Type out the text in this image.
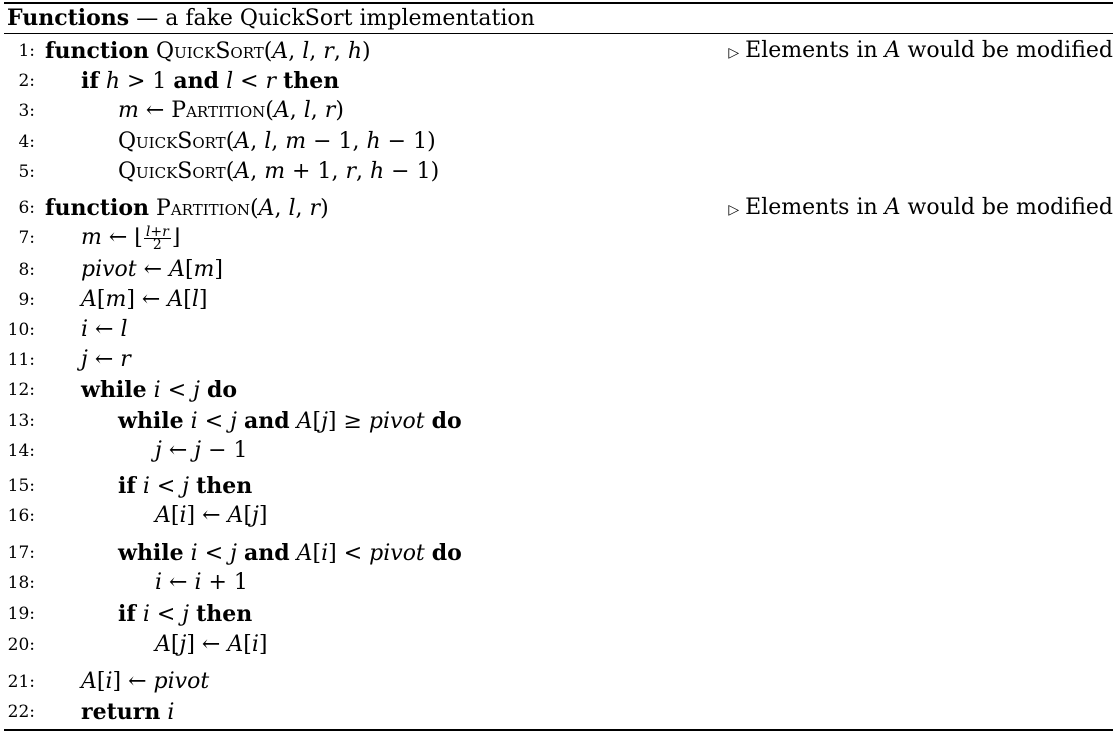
Functions — a fake QuickSort implementation
1: function QuickSort(A, l, r, h)	▷ Elements in A would be modified
2: if h > 1 and l < r then
3:	m ← Partition(A, l, r)
4:	QuickSort(A, l, m − 1, h − 1)
5:	QuickSort(A, m + 1, r, h − 1)
6: function Partition(A, l, r)	▷ Elements in A would be modified
7: m ← ⌊ $\frac{l+r}{2}$ ⌋
8: pivot ← A[m]
9: A[m] ← A[l]
10: i ← l
11: j ← r
12: while i < j do
13:	while i < j and A[j] ≥ pivot do
14:	j ← j − 1
15:	if i < j then
16:	A[i] ← A[j]
17:	while i < j and A[i] < pivot do
18:	i ← i + 1
19:	if i < j then
20:	A[j] ← A[i]
21: A[i] ← pivot
22: return i
